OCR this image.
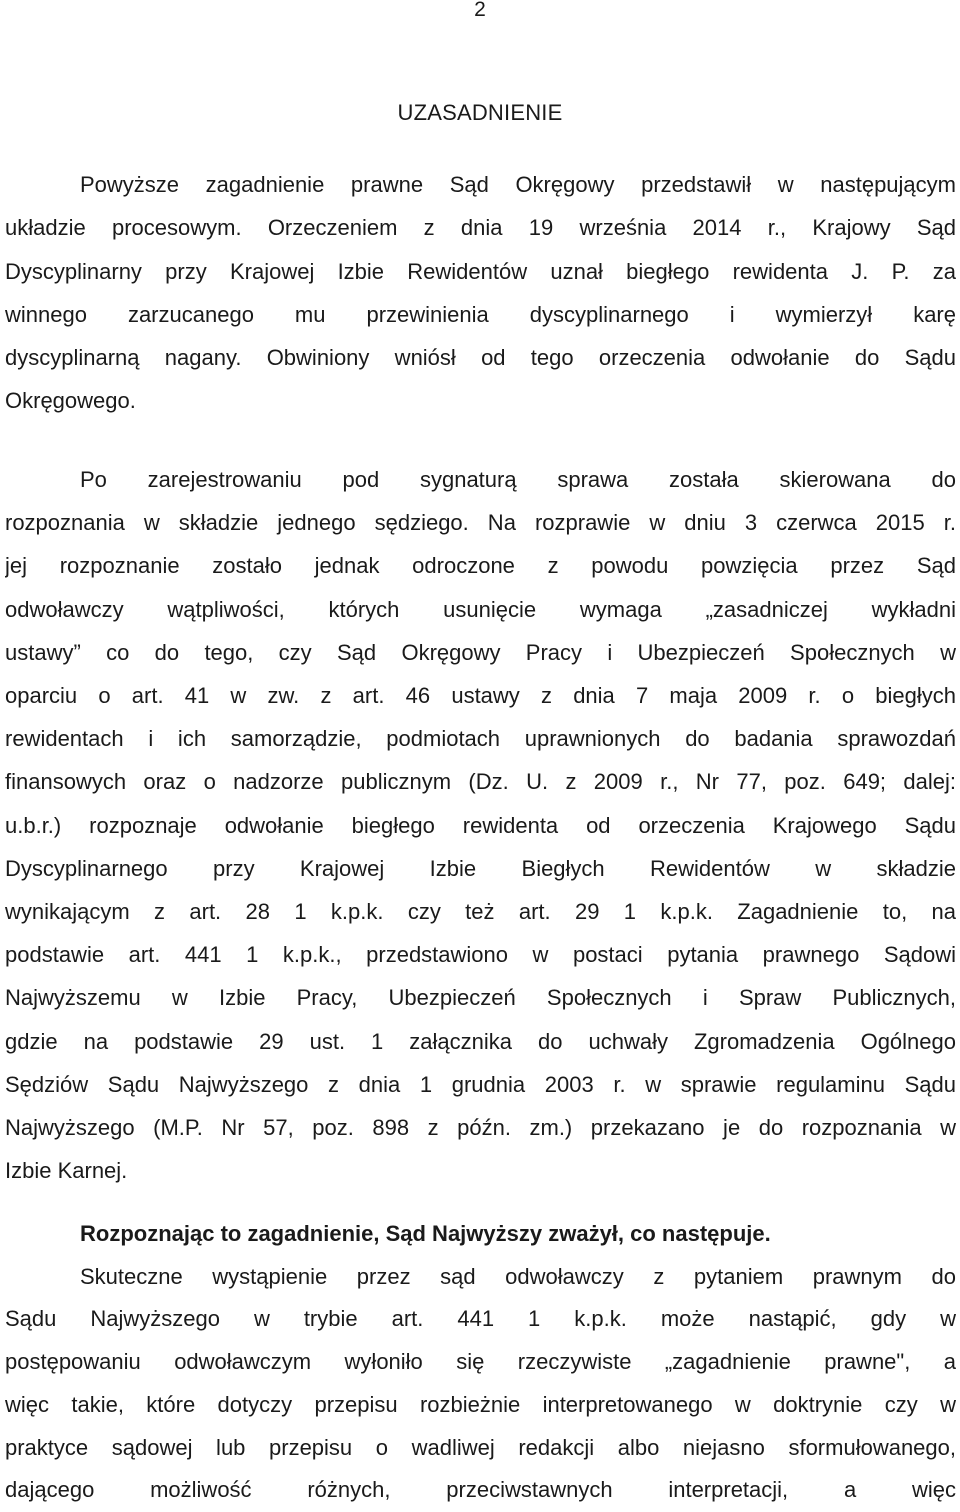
2
UZASADNIENIE
Powyższe zagadnienie prawne Sąd Okręgowy przedstawił w następującym
układzie procesowym. Orzeczeniem z dnia 19 września 2014 r., Krajowy Sąd
Dyscyplinarny przy Krajowej Izbie Rewidentów uznał biegłego rewidenta J. P. za
winnego zarzucanego mu przewinienia dyscyplinarnego i wymierzył karę
dyscyplinarną nagany. Obwiniony wniósł od tego orzeczenia odwołanie do Sądu
Okręgowego.
Po zarejestrowaniu pod sygnaturą sprawa została skierowana do
rozpoznania w składzie jednego sędziego. Na rozprawie w dniu 3 czerwca 2015 r.
jej rozpoznanie zostało jednak odroczone z powodu powzięcia przez Sąd
odwoławczy wątpliwości, których usunięcie wymaga „zasadniczej wykładni
ustawy” co do tego, czy Sąd Okręgowy Pracy i Ubezpieczeń Społecznych w
oparciu o art. 41 w zw. z art. 46 ustawy z dnia 7 maja 2009 r. o biegłych
rewidentach i ich samorządzie, podmiotach uprawnionych do badania sprawozdań
finansowych oraz o nadzorze publicznym (Dz. U. z 2009 r., Nr 77, poz. 649; dalej:
u.b.r.) rozpoznaje odwołanie biegłego rewidenta od orzeczenia Krajowego Sądu
Dyscyplinarnego przy Krajowej Izbie Biegłych Rewidentów w składzie
wynikającym z art. 28 1 k.p.k. czy też art. 29 1 k.p.k. Zagadnienie to, na
podstawie art. 441 1 k.p.k., przedstawiono w postaci pytania prawnego Sądowi
Najwyższemu w Izbie Pracy, Ubezpieczeń Społecznych i Spraw Publicznych,
gdzie na podstawie 29 ust. 1 załącznika do uchwały Zgromadzenia Ogólnego
Sędziów Sądu Najwyższego z dnia 1 grudnia 2003 r. w sprawie regulaminu Sądu
Najwyższego (M.P. Nr 57, poz. 898 z późn. zm.) przekazano je do rozpoznania w
Izbie Karnej.
Rozpoznając to zagadnienie, Sąd Najwyższy zważył, co następuje.
Skuteczne wystąpienie przez sąd odwoławczy z pytaniem prawnym do
Sądu Najwyższego w trybie art. 441 1 k.p.k. może nastąpić, gdy w
postępowaniu odwoławczym wyłoniło się rzeczywiste „zagadnienie prawne", a
więc takie, które dotyczy przepisu rozbieżnie interpretowanego w doktrynie czy w
praktyce sądowej lub przepisu o wadliwej redakcji albo niejasno sformułowanego,
dającego możliwość różnych, przeciwstawnych interpretacji, a więc
